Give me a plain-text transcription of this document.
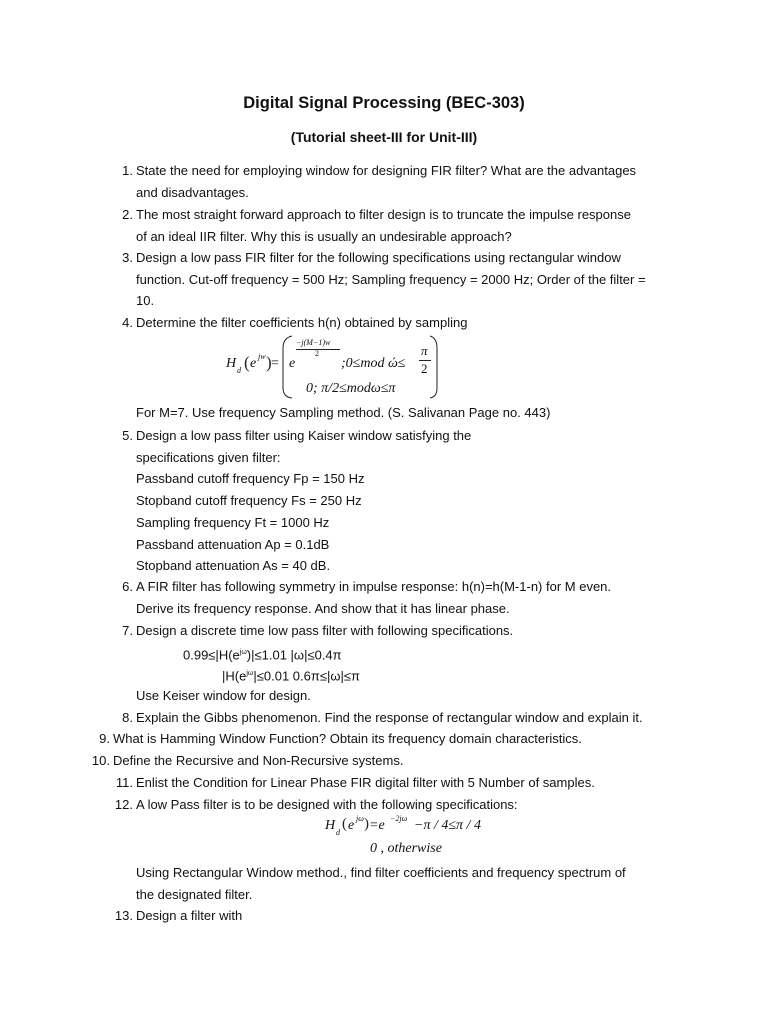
Digital Signal Processing (BEC-303)
(Tutorial sheet-III for Unit-III)
1. State the need for employing window for designing FIR filter? What are the advantages
and disadvantages.
2. The most straight forward approach to filter design is to truncate the impulse response
of an ideal IIR filter. Why this is usually an undesirable approach?
3. Design a low pass FIR filter for the following specifications using rectangular window
function. Cut-off frequency = 500 Hz; Sampling frequency = 2000 Hz; Order of the filter =
10.
4. Determine the filter coefficients h(n) obtained by sampling
H d ( e jw ) = e
−j(M−1)w
2
;0≤mod ώ≤
π
2
0; π/2≤modω≤π
For M=7. Use frequency Sampling method. (S. Salivanan Page no. 443)
5. Design a low pass filter using Kaiser window satisfying the
specifications given filter:
Passband cutoff frequency Fp = 150 Hz
Stopband cutoff frequency Fs = 250 Hz
Sampling frequency Ft = 1000 Hz
Passband attenuation Ap = 0.1dB
Stopband attenuation As = 40 dB.
6. A FIR filter has following symmetry in impulse response: h(n)=h(M-1-n) for M even.
Derive its frequency response. And show that it has linear phase.
7. Design a discrete time low pass filter with following specifications.
$0.99\le|H(e^{j\omega})|\le 1.01$ |ω|≤0.4π
$|H(e^{j\omega}|\le 0.01$ 0.6π≤|ω|≤π
Use Keiser window for design.
8. Explain the Gibbs phenomenon. Find the response of rectangular window and explain it.
9. What is Hamming Window Function? Obtain its frequency domain characteristics.
10. Define the Recursive and Non-Recursive systems.
11. Enlist the Condition for Linear Phase FIR digital filter with 5 Number of samples.
12. A low Pass filter is to be designed with the following specifications:
H d
( e jω ) =e −2jω −π / 4≤π / 4
0 , otherwise
Using Rectangular Window method., find filter coefficients and frequency spectrum of
the designated filter.
13. Design a filter with
